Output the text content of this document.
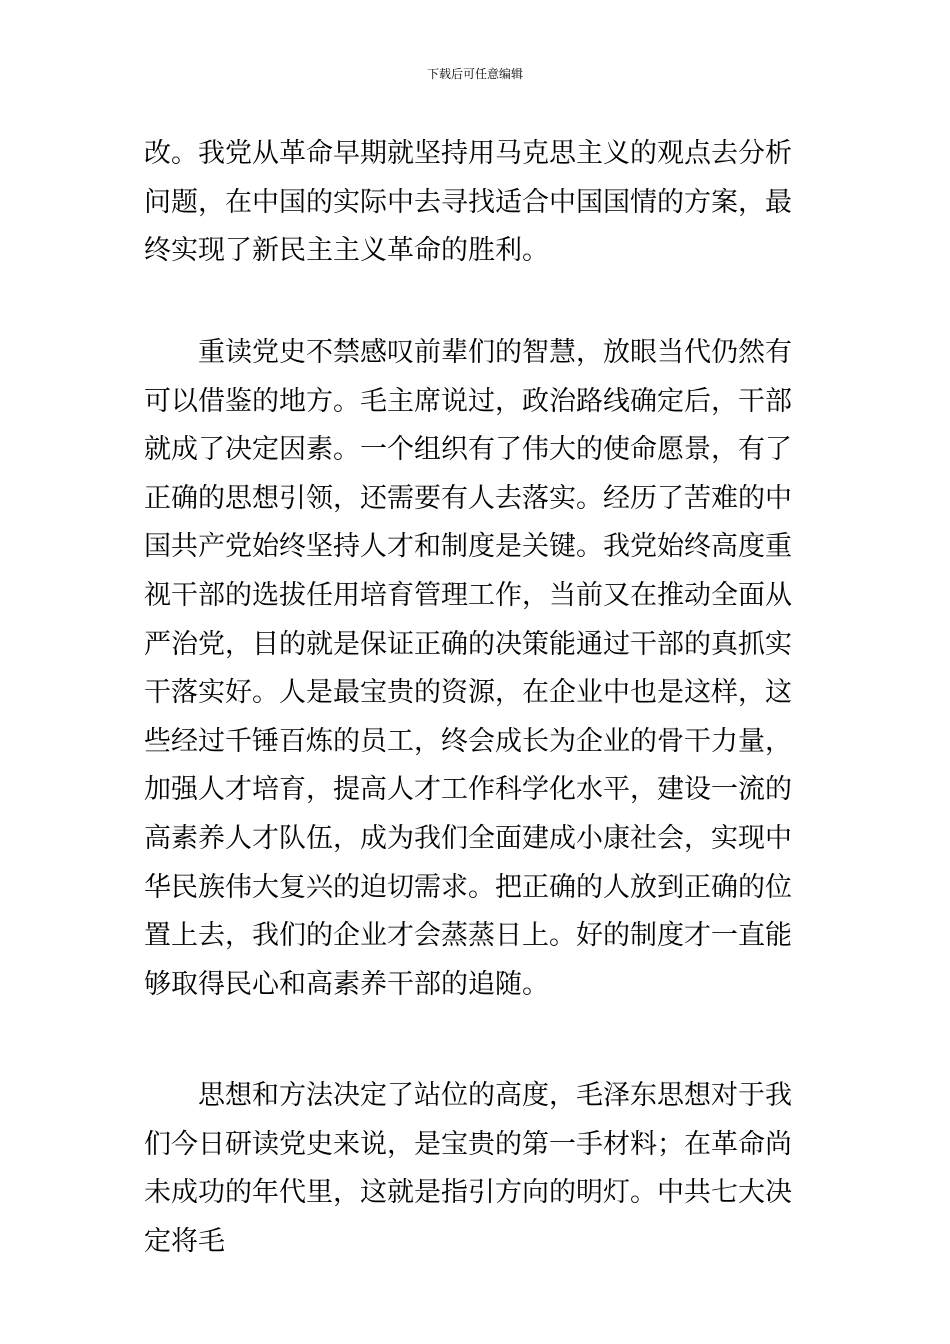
下载后可任意编辑

改。我党从革命早期就坚持用马克思主义的观点去分析问题，在中国的实际中去寻找适合中国国情的方案，最终实现了新民主主义革命的胜利。

重读党史不禁感叹前辈们的智慧，放眼当代仍然有可以借鉴的地方。毛主席说过，政治路线确定后，干部就成了决定因素。一个组织有了伟大的使命愿景，有了正确的思想引领，还需要有人去落实。经历了苦难的中国共产党始终坚持人才和制度是关键。我党始终高度重视干部的选拔任用培育管理工作，当前又在推动全面从严治党，目的就是保证正确的决策能通过干部的真抓实干落实好。人是最宝贵的资源，在企业中也是这样，这些经过千锤百炼的员工，终会成长为企业的骨干力量，加强人才培育，提高人才工作科学化水平，建设一流的高素养人才队伍，成为我们全面建成小康社会，实现中华民族伟大复兴的迫切需求。把正确的人放到正确的位置上去，我们的企业才会蒸蒸日上。好的制度才一直能够取得民心和高素养干部的追随。

思想和方法决定了站位的高度，毛泽东思想对于我们今日研读党史来说，是宝贵的第一手材料；在革命尚未成功的年代里，这就是指引方向的明灯。中共七大决定将毛
